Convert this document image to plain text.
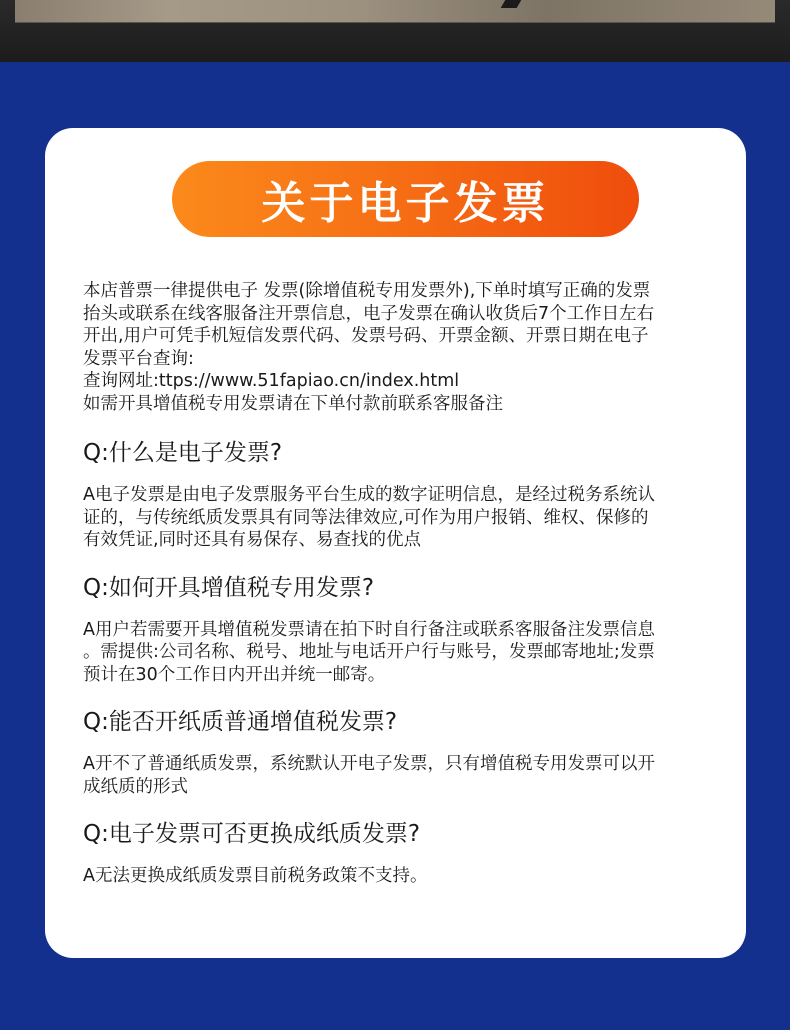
关于电子发票

本店普票一律提供电子 发票(除增值税专用发票外),下单时填写正确的发票

抬头或联系在线客服备注开票信息，电子发票在确认收货后7个工作日左右

开出,用户可凭手机短信发票代码、发票号码、开票金额、开票日期在电子

发票平台查询:

查询网址:ttps://www.51fapiao.cn/index.html

如需开具增值税专用发票请在下单付款前联系客服备注

Q:什么是电子发票?

A电子发票是由电子发票服务平台生成的数字证明信息，是经过税务系统认

证的，与传统纸质发票具有同等法律效应,可作为用户报销、维权、保修的

有效凭证,同时还具有易保存、易查找的优点

Q:如何开具增值税专用发票?

A用户若需要开具增值税发票请在拍下时自行备注或联系客服备注发票信息

。需提供:公司名称、税号、地址与电话开户行与账号，发票邮寄地址;发票

预计在30个工作日内开出并统一邮寄。

Q:能否开纸质普通增值税发票?

A开不了普通纸质发票，系统默认开电子发票，只有增值税专用发票可以开

成纸质的形式

Q:电子发票可否更换成纸质发票?

A无法更换成纸质发票目前税务政策不支持。
